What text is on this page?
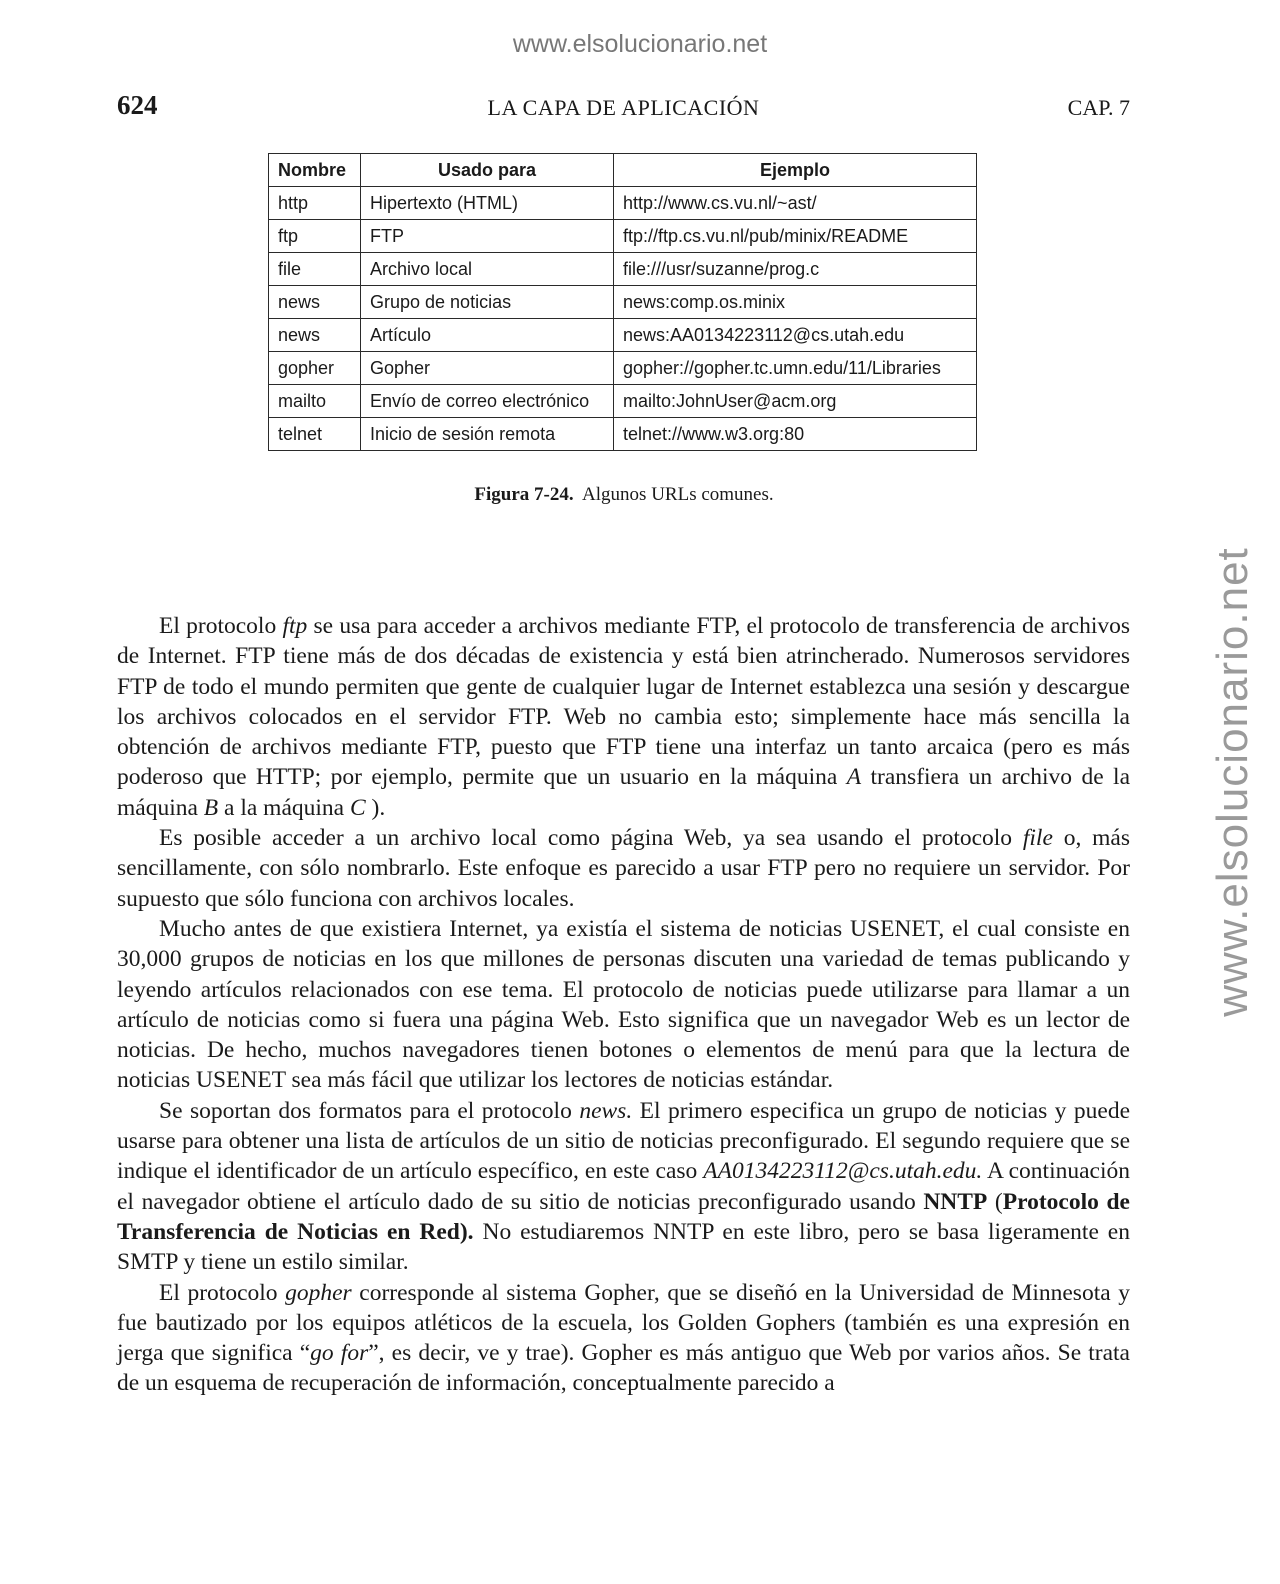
www.elsolucionario.net
www.elsolucionario.net
624	LA CAPA DE APLICACIÓN	CAP. 7
Nombre	Usado para	Ejemplo
http	Hipertexto (HTML)	http://www.cs.vu.nl/~ast/
ftp	FTP	ftp://ftp.cs.vu.nl/pub/minix/README
file	Archivo local	file:///usr/suzanne/prog.c
news	Grupo de noticias	news:comp.os.minix
news	Artículo	news:AA0134223112@cs.utah.edu
gopher	Gopher	gopher://gopher.tc.umn.edu/11/Libraries
mailto	Envío de correo electrónico	mailto:JohnUser@acm.org
telnet	Inicio de sesión remota	telnet://www.w3.org:80
Figura 7-24. Algunos URLs comunes.

El protocolo ftp se usa para acceder a archivos mediante FTP, el protocolo de transferencia de archivos de Internet. FTP tiene más de dos décadas de existencia y está bien atrincherado. Numerosos servidores FTP de todo el mundo permiten que gente de cualquier lugar de Internet establezca una sesión y descargue los archivos colocados en el servidor FTP. Web no cambia esto; simplemente hace más sencilla la obtención de archivos mediante FTP, puesto que FTP tiene una interfaz un tanto arcaica (pero es más poderoso que HTTP; por ejemplo, permite que un usuario en la máquina A transfiera un archivo de la máquina B a la máquina C ).

Es posible acceder a un archivo local como página Web, ya sea usando el protocolo file o, más sencillamente, con sólo nombrarlo. Este enfoque es parecido a usar FTP pero no requiere un servidor. Por supuesto que sólo funciona con archivos locales.

Mucho antes de que existiera Internet, ya existía el sistema de noticias USENET, el cual consiste en 30,000 grupos de noticias en los que millones de personas discuten una variedad de temas publicando y leyendo artículos relacionados con ese tema. El protocolo de noticias puede utilizarse para llamar a un artículo de noticias como si fuera una página Web. Esto significa que un navegador Web es un lector de noticias. De hecho, muchos navegadores tienen botones o elementos de menú para que la lectura de noticias USENET sea más fácil que utilizar los lectores de noticias estándar.

Se soportan dos formatos para el protocolo news. El primero especifica un grupo de noticias y puede usarse para obtener una lista de artículos de un sitio de noticias preconfigurado. El segundo requiere que se indique el identificador de un artículo específico, en este caso AA0134223112@cs.utah.edu. A continuación el navegador obtiene el artículo dado de su sitio de noticias preconfigurado usando NNTP (Protocolo de Transferencia de Noticias en Red). No estudiaremos NNTP en este libro, pero se basa ligeramente en SMTP y tiene un estilo similar.

El protocolo gopher corresponde al sistema Gopher, que se diseñó en la Universidad de Minnesota y fue bautizado por los equipos atléticos de la escuela, los Golden Gophers (también es una expresión en jerga que significa “go for”, es decir, ve y trae). Gopher es más antiguo que Web por varios años. Se trata de un esquema de recuperación de información, conceptualmente parecido a
